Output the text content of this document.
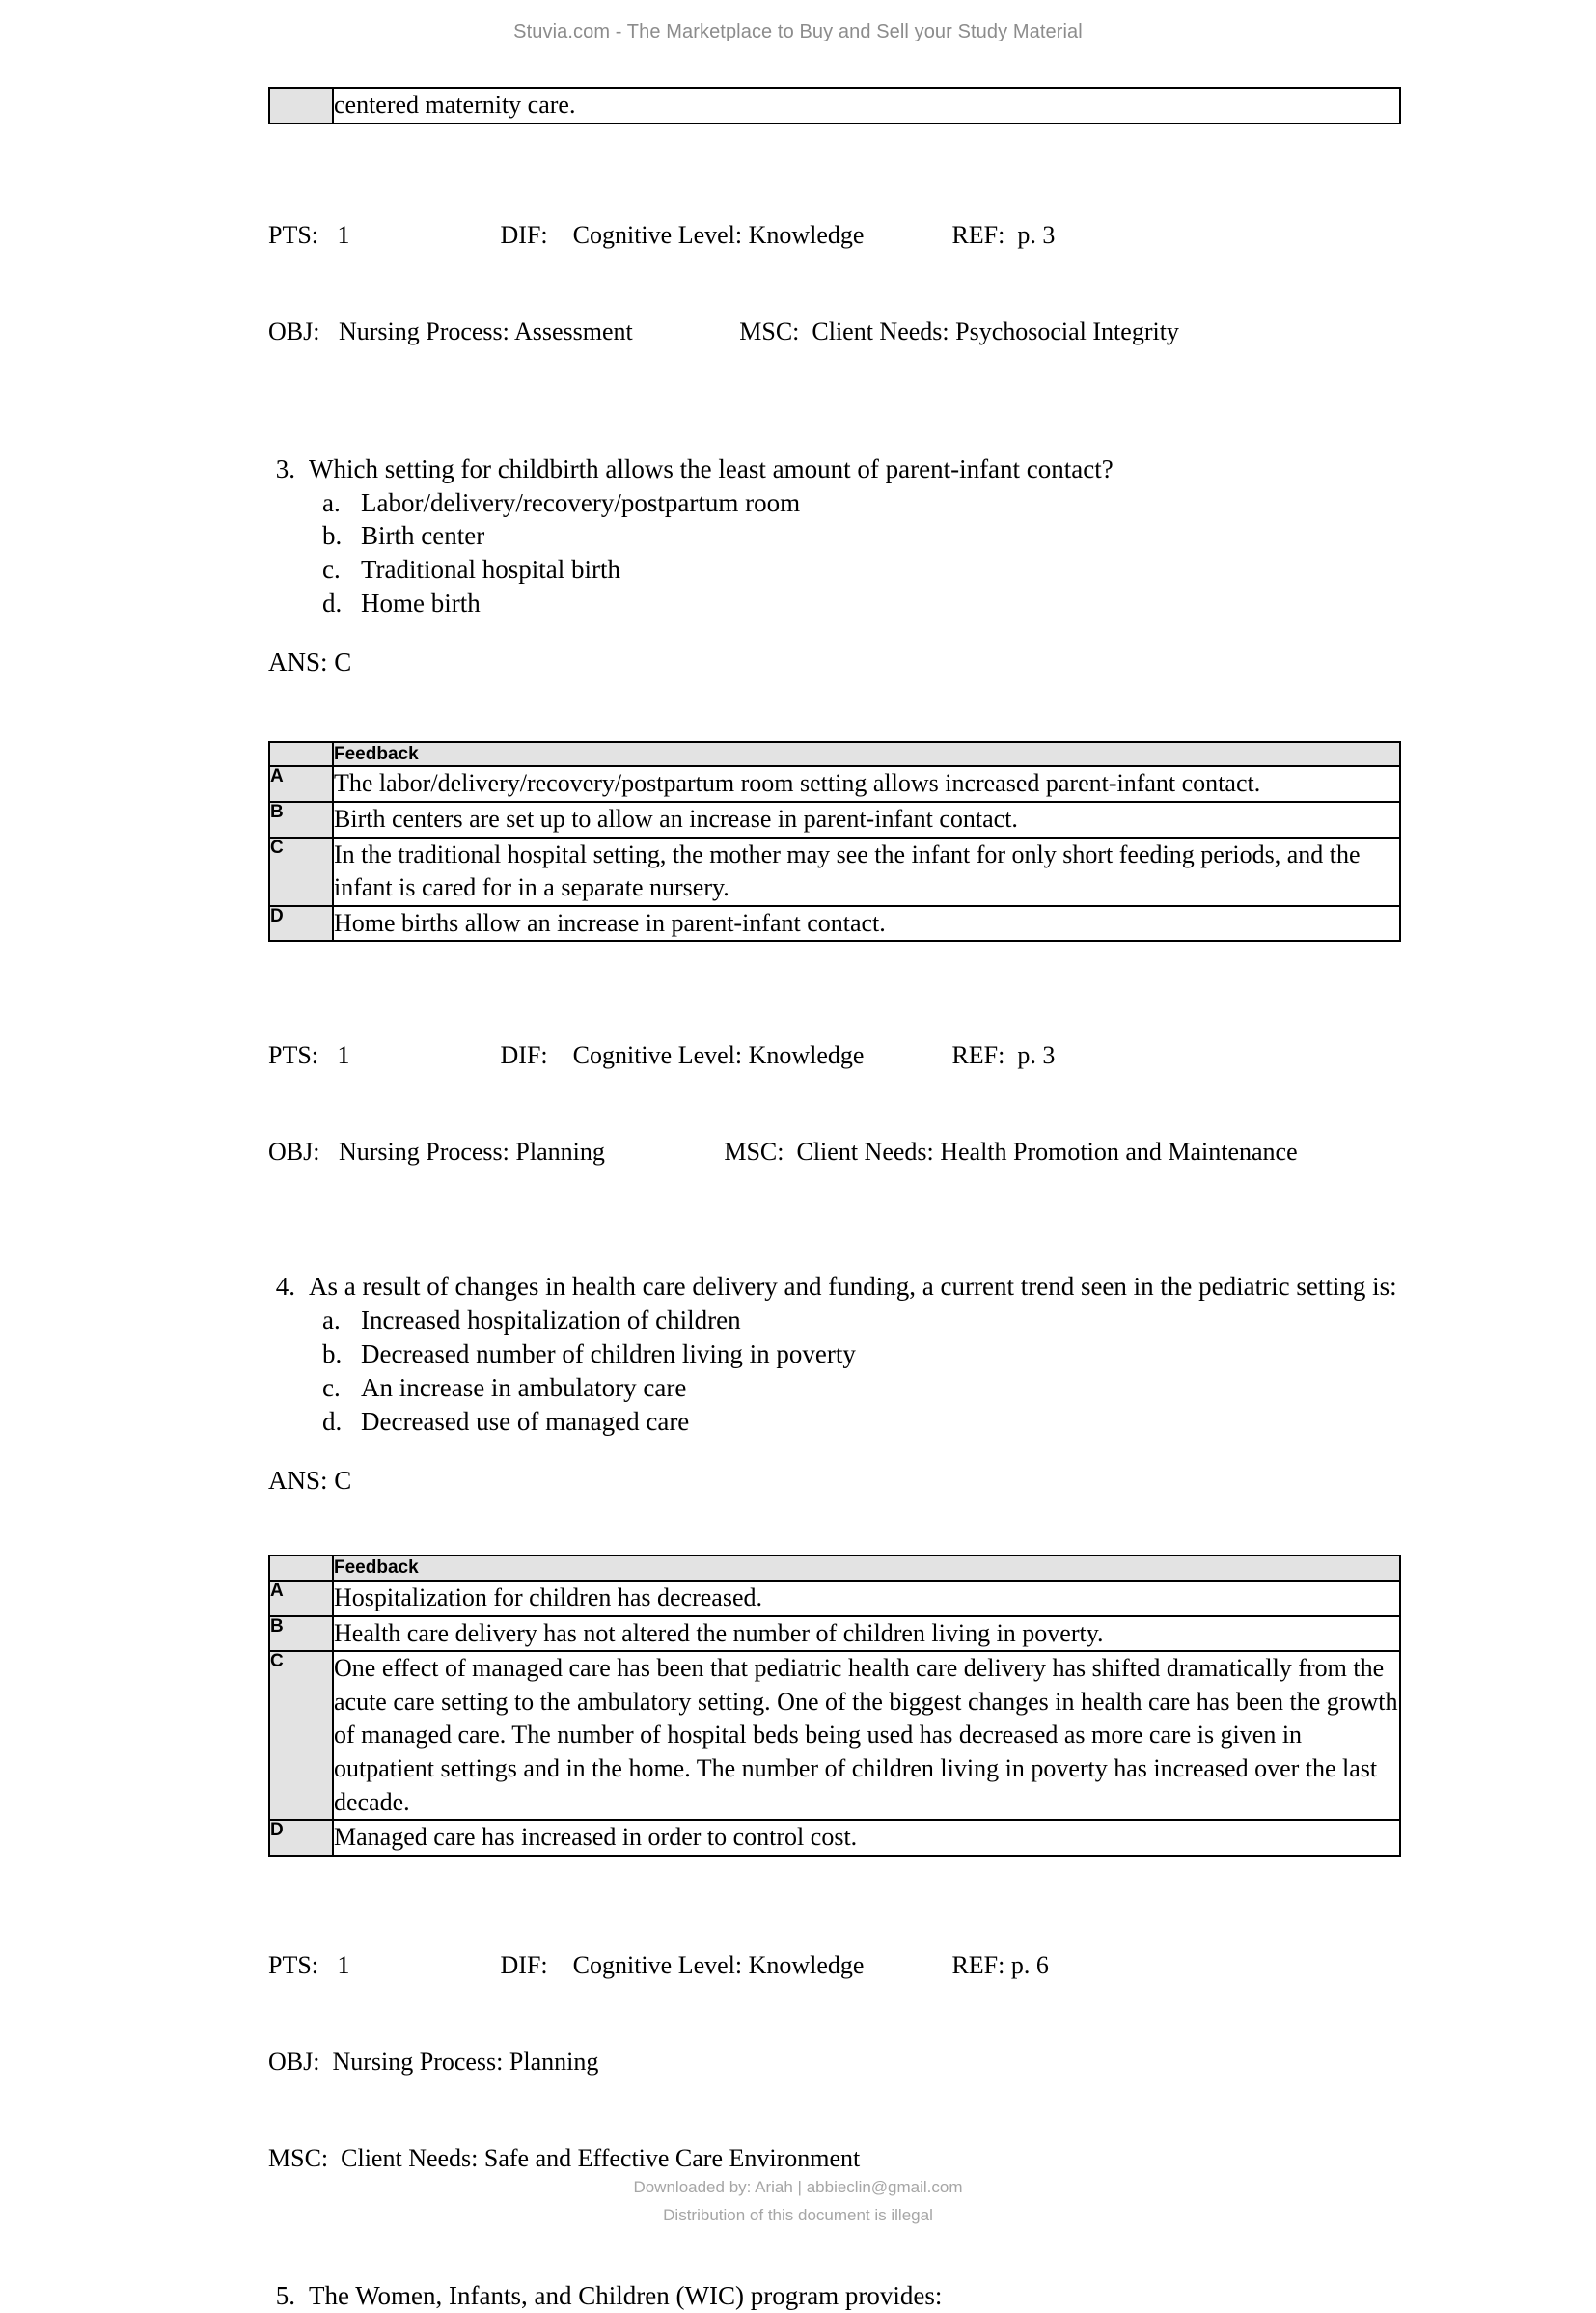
Stuvia.com - The Marketplace to Buy and Sell your Study Material
	centered maternity care.

PTS:   1                        DIF:    Cognitive Level: Knowledge              REF:  p. 3

OBJ:   Nursing Process: Assessment                 MSC:  Client Needs: Psychosocial Integrity

3. Which setting for childbirth allows the least amount of parent-infant contact?
a. Labor/delivery/recovery/postpartum room
b. Birth center
c. Traditional hospital birth
d. Home birth
ANS: C
	Feedback
A	The labor/delivery/recovery/postpartum room setting allows increased parent-infant contact.
B	Birth centers are set up to allow an increase in parent-infant contact.
C	In the traditional hospital setting, the mother may see the infant for only short feeding periods, and the infant is cared for in a separate nursery.
D	Home births allow an increase in parent-infant contact.

PTS:   1                        DIF:    Cognitive Level: Knowledge              REF:  p. 3

OBJ:   Nursing Process: Planning                   MSC:  Client Needs: Health Promotion and Maintenance

4. As a result of changes in health care delivery and funding, a current trend seen in the pediatric setting is:
a. Increased hospitalization of children
b. Decreased number of children living in poverty
c. An increase in ambulatory care
d. Decreased use of managed care
ANS: C
	Feedback
A	Hospitalization for children has decreased.
B	Health care delivery has not altered the number of children living in poverty.
C	One effect of managed care has been that pediatric health care delivery has shifted dramatically from the acute care setting to the ambulatory setting. One of the biggest changes in health care has been the growth of managed care. The number of hospital beds being used has decreased as more care is given in outpatient settings and in the home. The number of children living in poverty has increased over the last decade.
D	Managed care has increased in order to control cost.

PTS:   1                        DIF:    Cognitive Level: Knowledge              REF: p. 6

OBJ:  Nursing Process: Planning

MSC:  Client Needs: Safe and Effective Care Environment

5. The Women, Infants, and Children (WIC) program provides:
Downloaded by: Ariah | abbieclin@gmail.com
Distribution of this document is illegal
